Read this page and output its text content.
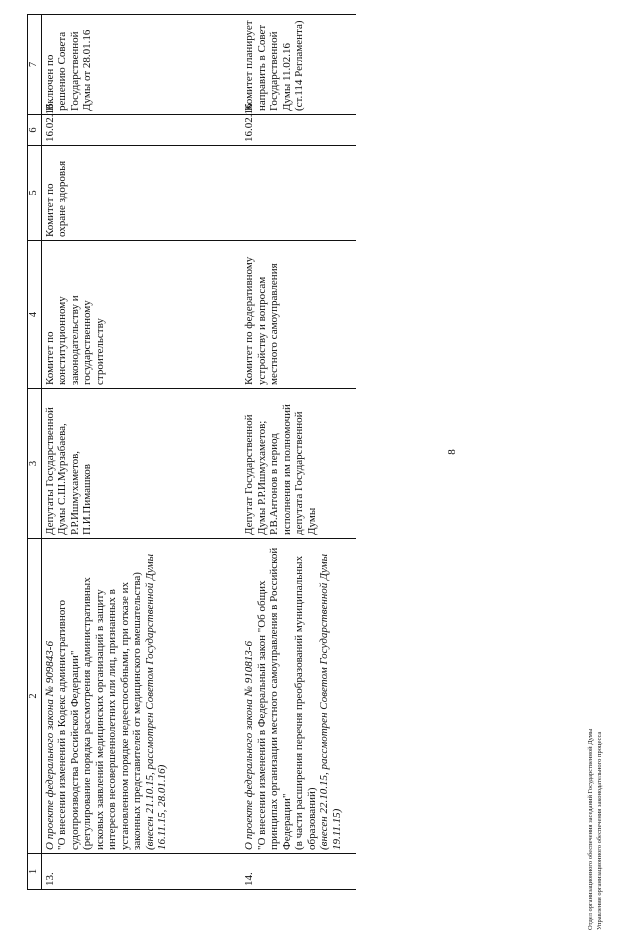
8
1	2	3	4	5	6	7
13.	О проекте федерального закона № 909843-6
"О внесении изменений в Кодекс административного судопроизводства Российской Федерации"
(регулирование порядка рассмотрения административных исковых заявлений медицинских организаций в защиту интересов несовершеннолетних или лиц, признанных в установленном порядке недееспособными, при отказе их законных представителей от медицинского вмешательства)
(внесен 21.10.15, рассмотрен Советом Государственной Думы 16.11.15, 28.01.16)	Депутаты Государственной Думы С.Ш.Мурзабаева, Р.Р.Ишмухаметов, П.И.Пимашков	Комитет по конституционному законодательству и государственному строительству	Комитет по охране здоровья	16.02.16	Включен по решению Совета Государственной Думы от 28.01.16
14.	О проекте федерального закона № 910813-6
"О внесении изменений в Федеральный закон "Об общих принципах организации местного самоуправления в Российской Федерации"
(в части расширения перечня преобразований муниципальных образований)
(внесен 22.10.15, рассмотрен Советом Государственной Думы 19.11.15)	Депутат Государственной Думы Р.Р.Ишмухаметов; Р.В.Антонов в период исполнения им полномочий депутата Государственной Думы	Комитет по федеративному устройству и вопросам местного самоуправления		16.02.16	Комитет планирует направить в Совет Государственной Думы 11.02.16 (ст.114 Регламента)
Отдел организационного обеспечения заседаний Государственной Думы Управления организационного обеспечения законодательного процесса
